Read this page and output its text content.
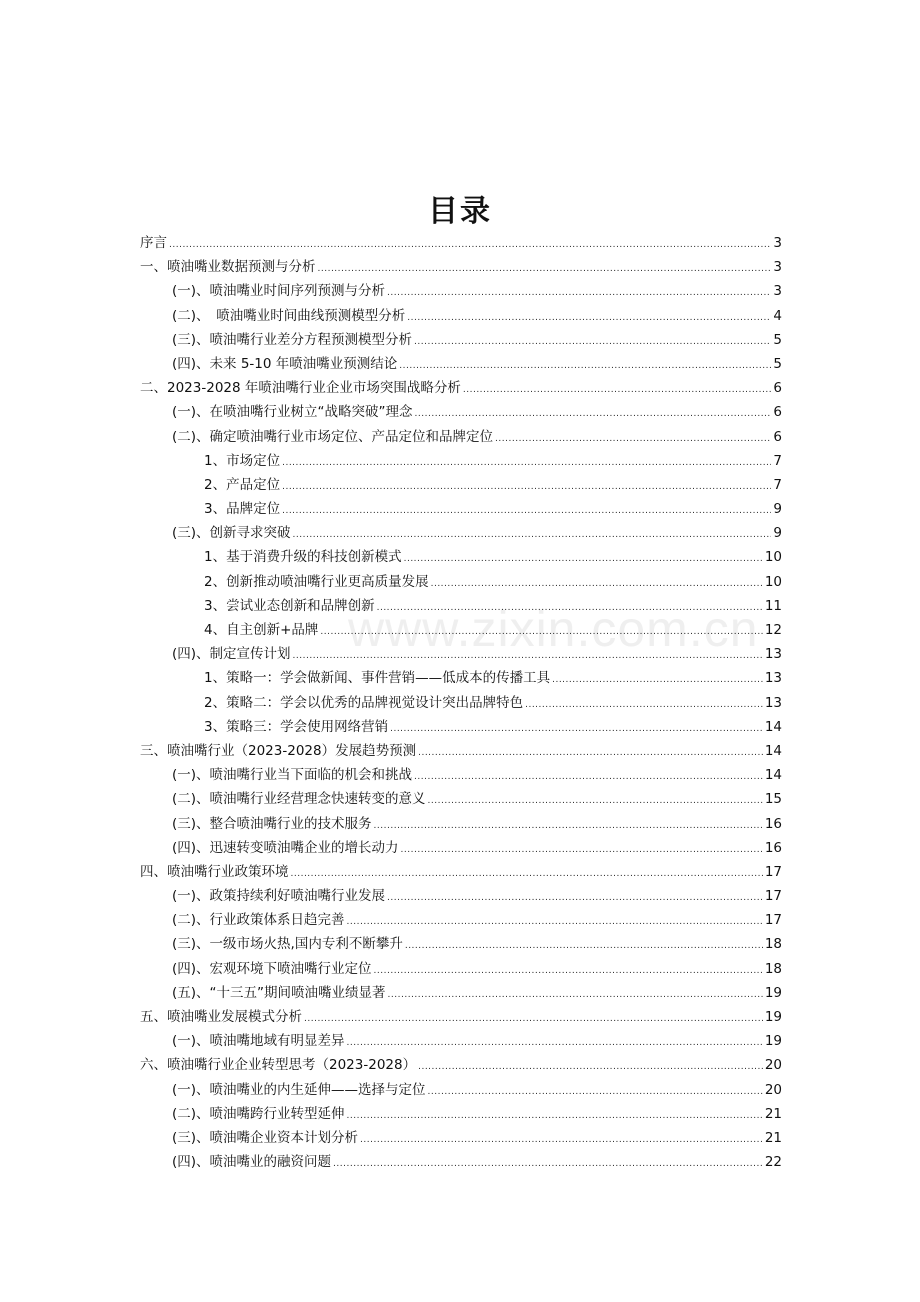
www.zixin.com.cn
目录
序言 .....	3
一、喷油嘴业数据预测与分析 .....	3
(一)、喷油嘴业时间序列预测与分析 .....	3
(二)、　喷油嘴业时间曲线预测模型分析 .....	4
(三)、喷油嘴行业差分方程预测模型分析 .....	5
(四)、未来 5-10 年喷油嘴业预测结论 .....	5
二、2023-2028 年喷油嘴行业企业市场突围战略分析 .....	6
(一)、在喷油嘴行业树立“战略突破”理念 .....	6
(二)、确定喷油嘴行业市场定位、产品定位和品牌定位 .....	6
1、市场定位 .....	7
2、产品定位 .....	7
3、品牌定位 .....	9
(三)、创新寻求突破 .....	9
1、基于消费升级的科技创新模式 .....	10
2、创新推动喷油嘴行业更高质量发展 .....	10
3、尝试业态创新和品牌创新 .....	11
4、自主创新+品牌 .....	12
(四)、制定宣传计划 .....	13
1、策略一：学会做新闻、事件营销——低成本的传播工具 .....	13
2、策略二：学会以优秀的品牌视觉设计突出品牌特色 .....	13
3、策略三：学会使用网络营销 .....	14
三、喷油嘴行业（2023-2028）发展趋势预测 .....	14
(一)、喷油嘴行业当下面临的机会和挑战 .....	14
(二)、喷油嘴行业经营理念快速转变的意义 .....	15
(三)、整合喷油嘴行业的技术服务 .....	16
(四)、迅速转变喷油嘴企业的增长动力 .....	16
四、喷油嘴行业政策环境 .....	17
(一)、政策持续利好喷油嘴行业发展 .....	17
(二)、行业政策体系日趋完善 .....	17
(三)、一级市场火热,国内专利不断攀升 .....	18
(四)、宏观环境下喷油嘴行业定位 .....	18
(五)、“十三五”期间喷油嘴业绩显著 .....	19
五、喷油嘴业发展模式分析 .....	19
(一)、喷油嘴地域有明显差异 .....	19
六、喷油嘴行业企业转型思考（2023-2028） .....	20
(一)、喷油嘴业的内生延伸——选择与定位 .....	20
(二)、喷油嘴跨行业转型延伸 .....	21
(三)、喷油嘴企业资本计划分析 .....	21
(四)、喷油嘴业的融资问题 .....	22
